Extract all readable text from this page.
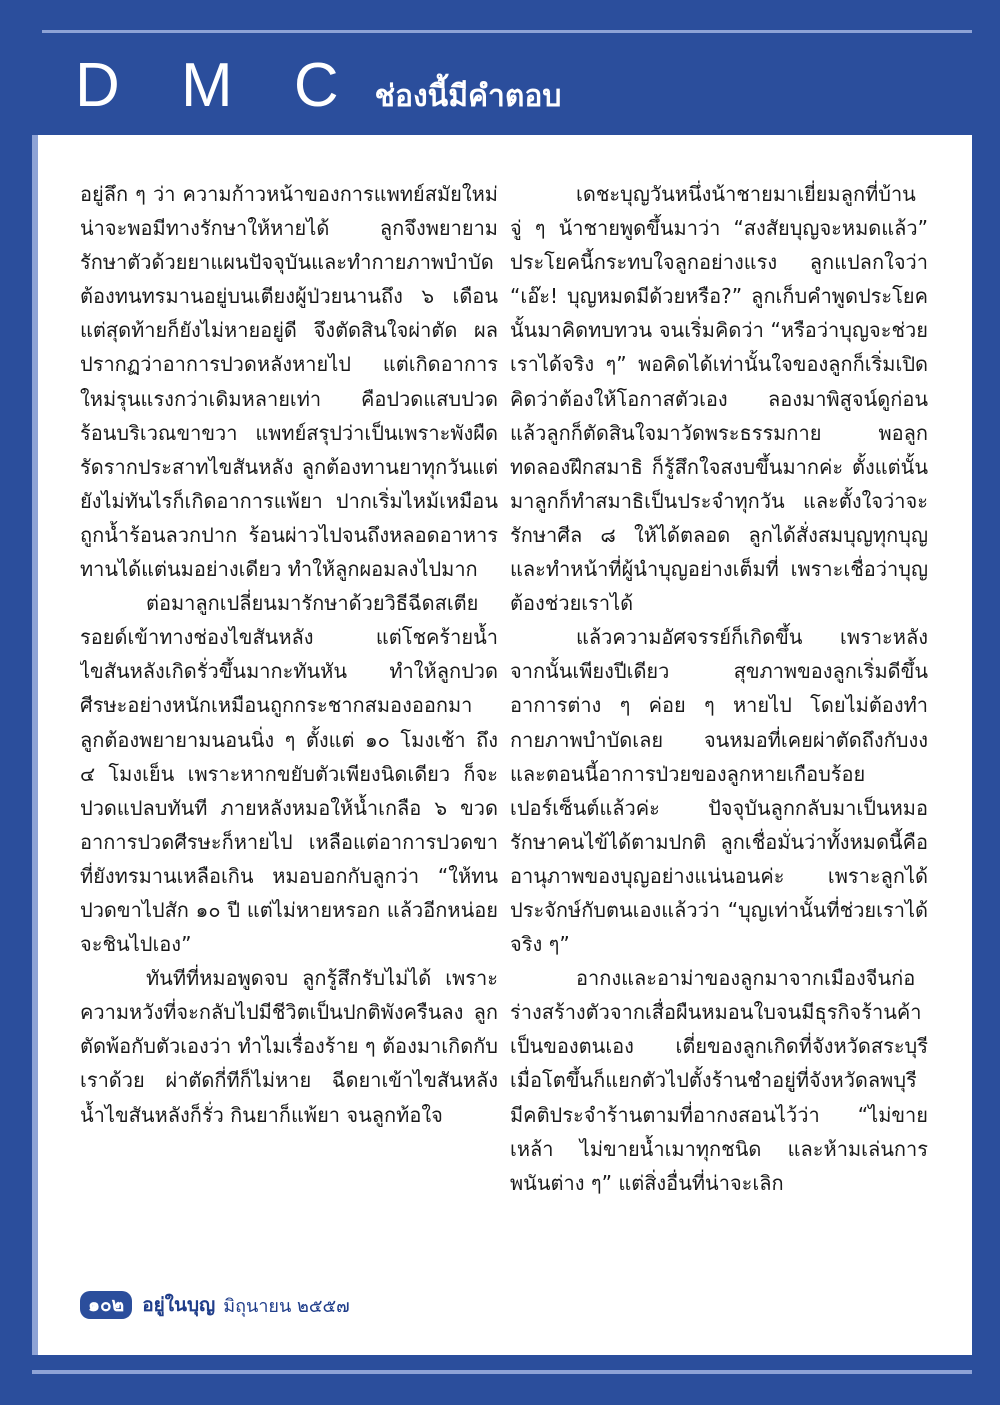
D M C ช่องนี้มีคำตอบ

อยู่ลึก ๆ ว่า ความก้าวหน้าของการแพทย์สมัยใหม่น่าจะพอมีทางรักษาให้หายได้ ลูกจึงพยายามรักษาตัวด้วยยาแผนปัจจุบันและทำกายภาพบำบัด ต้องทนทรมานอยู่บนเตียงผู้ป่วยนานถึง ๖ เดือน แต่สุดท้ายก็ยังไม่หายอยู่ดี จึงตัดสินใจผ่าตัด ผลปรากฏว่าอาการปวดหลังหายไป แต่เกิดอาการใหม่รุนแรงกว่าเดิมหลายเท่า คือปวดแสบปวดร้อนบริเวณขาขวา แพทย์สรุปว่าเป็นเพราะพังผืดรัดรากประสาทไขสันหลัง ลูกต้องทานยาทุกวันแต่ยังไม่ทันไรก็เกิดอาการแพ้ยา ปากเริ่มไหม้เหมือนถูกน้ำร้อนลวกปาก ร้อนผ่าวไปจนถึงหลอดอาหาร ทานได้แต่นมอย่างเดียว ทำให้ลูกผอมลงไปมาก

ต่อมาลูกเปลี่ยนมารักษาด้วยวิธีฉีดสเตียรอยด์เข้าทางช่องไขสันหลัง แต่โชคร้ายน้ำไขสันหลังเกิดรั่วขึ้นมากะทันหัน ทำให้ลูกปวดศีรษะอย่างหนักเหมือนถูกกระชากสมองออกมา ลูกต้องพยายามนอนนิ่ง ๆ ตั้งแต่ ๑๐ โมงเช้า ถึง ๔ โมงเย็น เพราะหากขยับตัวเพียงนิดเดียว ก็จะปวดแปลบทันที ภายหลังหมอให้น้ำเกลือ ๖ ขวด อาการปวดศีรษะก็หายไป เหลือแต่อาการปวดขาที่ยังทรมานเหลือเกิน หมอบอกกับลูกว่า “ให้ทนปวดขาไปสัก ๑๐ ปี แต่ไม่หายหรอก แล้วอีกหน่อยจะชินไปเอง”

ทันทีที่หมอพูดจบ ลูกรู้สึกรับไม่ได้ เพราะความหวังที่จะกลับไปมีชีวิตเป็นปกติพังครืนลง ลูกตัดพ้อกับตัวเองว่า ทำไมเรื่องร้าย ๆ ต้องมาเกิดกับเราด้วย ผ่าตัดกี่ทีก็ไม่หาย ฉีดยาเข้าไขสันหลัง น้ำไขสันหลังก็รั่ว กินยาก็แพ้ยา จนลูกท้อใจ

เดชะบุญวันหนึ่งน้าชายมาเยี่ยมลูกที่บ้าน จู่ ๆ น้าชายพูดขึ้นมาว่า “สงสัยบุญจะหมดแล้ว” ประโยคนี้กระทบใจลูกอย่างแรง ลูกแปลกใจว่า “เอ๊ะ! บุญหมดมีด้วยหรือ?” ลูกเก็บคำพูดประโยคนั้นมาคิดทบทวน จนเริ่มคิดว่า “หรือว่าบุญจะช่วยเราได้จริง ๆ” พอคิดได้เท่านั้นใจของลูกก็เริ่มเปิด คิดว่าต้องให้โอกาสตัวเอง ลองมาพิสูจน์ดูก่อน แล้วลูกก็ตัดสินใจมาวัดพระธรรมกาย พอลูกทดลองฝึกสมาธิ ก็รู้สึกใจสงบขึ้นมากค่ะ ตั้งแต่นั้นมาลูกก็ทำสมาธิเป็นประจำทุกวัน และตั้งใจว่าจะรักษาศีล ๘ ให้ได้ตลอด ลูกได้สั่งสมบุญทุกบุญและทำหน้าที่ผู้นำบุญอย่างเต็มที่ เพราะเชื่อว่าบุญต้องช่วยเราได้

แล้วความอัศจรรย์ก็เกิดขึ้น เพราะหลังจากนั้นเพียงปีเดียว สุขภาพของลูกเริ่มดีขึ้น อาการต่าง ๆ ค่อย ๆ หายไป โดยไม่ต้องทำกายภาพบำบัดเลย จนหมอที่เคยผ่าตัดถึงกับงง และตอนนี้อาการป่วยของลูกหายเกือบร้อยเปอร์เซ็นต์แล้วค่ะ ปัจจุบันลูกกลับมาเป็นหมอรักษาคนไข้ได้ตามปกติ ลูกเชื่อมั่นว่าทั้งหมดนี้คืออานุภาพของบุญอย่างแน่นอนค่ะ เพราะลูกได้ประจักษ์กับตนเองแล้วว่า “บุญเท่านั้นที่ช่วยเราได้จริง ๆ”

อากงและอาม่าของลูกมาจากเมืองจีนก่อร่างสร้างตัวจากเสื่อผืนหมอนใบจนมีธุรกิจร้านค้าเป็นของตนเอง เตี่ยของลูกเกิดที่จังหวัดสระบุรี เมื่อโตขึ้นก็แยกตัวไปตั้งร้านชำอยู่ที่จังหวัดลพบุรี มีคติประจำร้านตามที่อากงสอนไว้ว่า “ไม่ขายเหล้า ไม่ขายน้ำเมาทุกชนิด และห้ามเล่นการพนันต่าง ๆ” แต่สิ่งอื่นที่น่าจะเลิก

๑๐๒ อยู่ในบุญ มิถุนายน ๒๕๕๗
